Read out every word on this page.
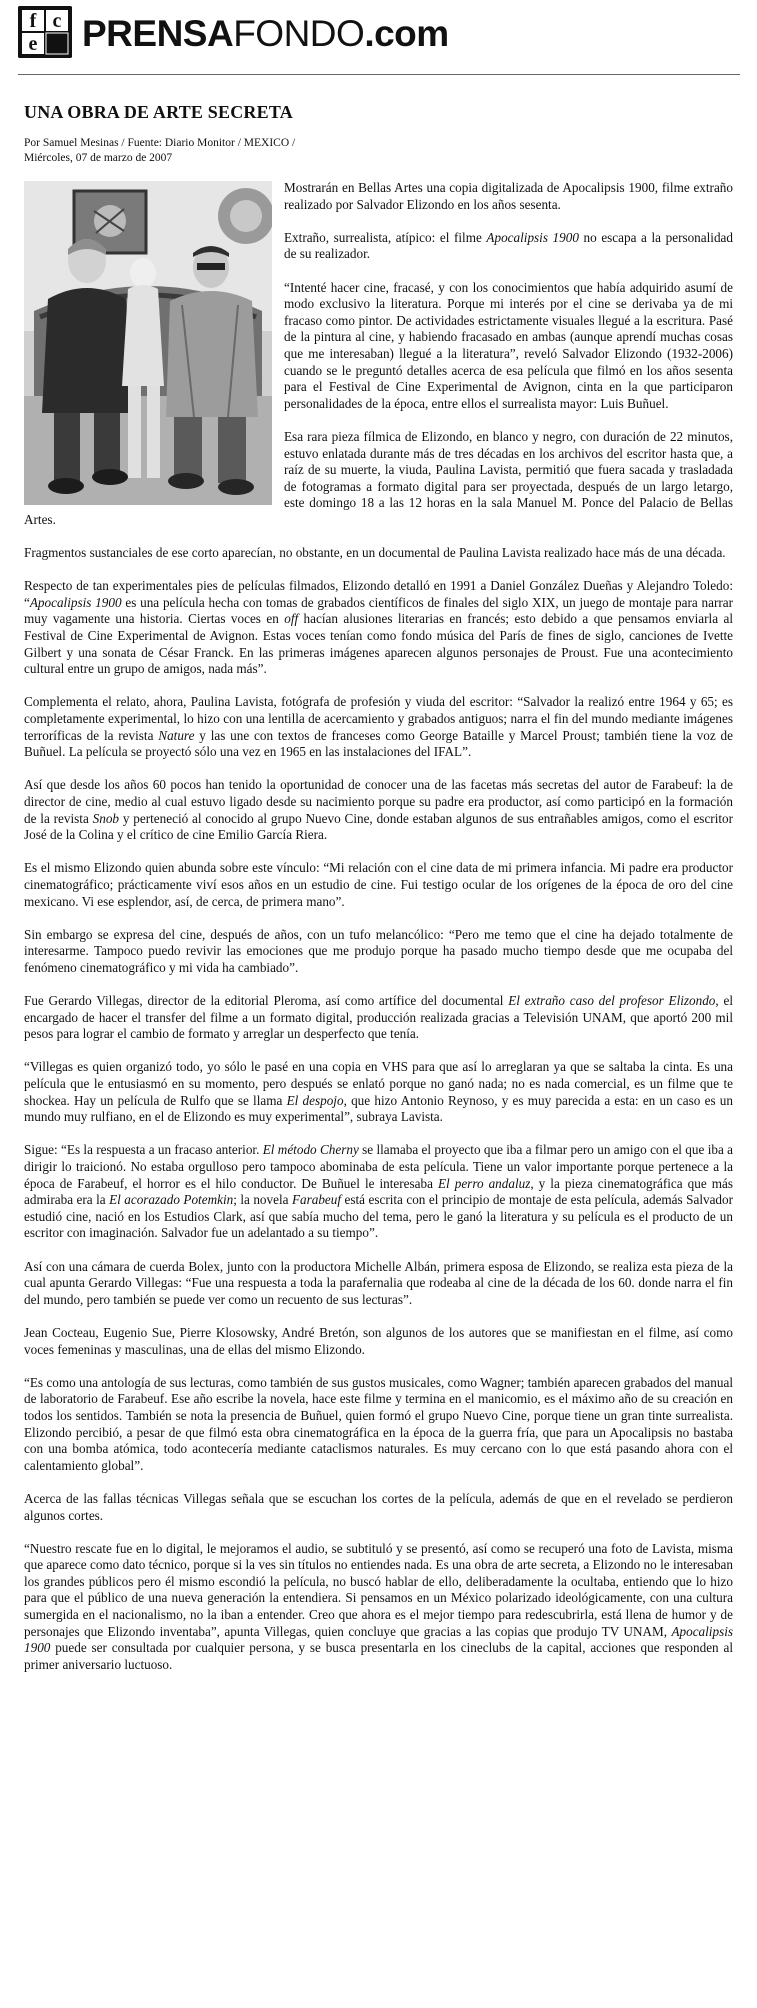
f c
e PRENSAFONDO.com
UNA OBRA DE ARTE SECRETA
Por Samuel Mesinas / Fuente: Diario Monitor / MEXICO /
Miércoles, 07 de marzo de 2007

Mostrarán en Bellas Artes una copia digitalizada de Apocalipsis 1900, filme extraño realizado por Salvador Elizondo en los años sesenta.

Extraño, surrealista, atípico: el filme Apocalipsis 1900 no escapa a la personalidad de su realizador.

“Intenté hacer cine, fracasé, y con los conocimientos que había adquirido asumí de modo exclusivo la literatura. Porque mi interés por el cine se derivaba ya de mi fracaso como pintor. De actividades estrictamente visuales llegué a la escritura. Pasé de la pintura al cine, y habiendo fracasado en ambas (aunque aprendí muchas cosas que me interesaban) llegué a la literatura”, reveló Salvador Elizondo (1932-2006) cuando se le preguntó detalles acerca de esa película que filmó en los años sesenta para el Festival de Cine Experimental de Avignon, cinta en la que participaron personalidades de la época, entre ellos el surrealista mayor: Luis Buñuel.

Esa rara pieza fílmica de Elizondo, en blanco y negro, con duración de 22 minutos, estuvo enlatada durante más de tres décadas en los archivos del escritor hasta que, a raíz de su muerte, la viuda, Paulina Lavista, permitió que fuera sacada y trasladada de fotogramas a formato digital para ser proyectada, después de un largo letargo, este domingo 18 a las 12 horas en la sala Manuel M. Ponce del Palacio de Bellas Artes.

Fragmentos sustanciales de ese corto aparecían, no obstante, en un documental de Paulina Lavista realizado hace más de una década.

Respecto de tan experimentales pies de películas filmados, Elizondo detalló en 1991 a Daniel González Dueñas y Alejandro Toledo: “Apocalipsis 1900 es una película hecha con tomas de grabados científicos de finales del siglo XIX, un juego de montaje para narrar muy vagamente una historia. Ciertas voces en off hacían alusiones literarias en francés; esto debido a que pensamos enviarla al Festival de Cine Experimental de Avignon. Estas voces tenían como fondo música del París de fines de siglo, canciones de Ivette Gilbert y una sonata de César Franck. En las primeras imágenes aparecen algunos personajes de Proust. Fue una acontecimiento cultural entre un grupo de amigos, nada más”.

Complementa el relato, ahora, Paulina Lavista, fotógrafa de profesión y viuda del escritor: “Salvador la realizó entre 1964 y 65; es completamente experimental, lo hizo con una lentilla de acercamiento y grabados antiguos; narra el fin del mundo mediante imágenes terroríficas de la revista Nature y las une con textos de franceses como George Bataille y Marcel Proust; también tiene la voz de Buñuel. La película se proyectó sólo una vez en 1965 en las instalaciones del IFAL”.

Así que desde los años 60 pocos han tenido la oportunidad de conocer una de las facetas más secretas del autor de Farabeuf: la de director de cine, medio al cual estuvo ligado desde su nacimiento porque su padre era productor, así como participó en la formación de la revista Snob y perteneció al conocido al grupo Nuevo Cine, donde estaban algunos de sus entrañables amigos, como el escritor José de la Colina y el crítico de cine Emilio García Riera.

Es el mismo Elizondo quien abunda sobre este vínculo: “Mi relación con el cine data de mi primera infancia. Mi padre era productor cinematográfico; prácticamente viví esos años en un estudio de cine. Fui testigo ocular de los orígenes de la época de oro del cine mexicano. Vi ese esplendor, así, de cerca, de primera mano”.

Sin embargo se expresa del cine, después de años, con un tufo melancólico: “Pero me temo que el cine ha dejado totalmente de interesarme. Tampoco puedo revivir las emociones que me produjo porque ha pasado mucho tiempo desde que me ocupaba del fenómeno cinematográfico y mi vida ha cambiado”.

Fue Gerardo Villegas, director de la editorial Pleroma, así como artífice del documental El extraño caso del profesor Elizondo, el encargado de hacer el transfer del filme a un formato digital, producción realizada gracias a Televisión UNAM, que aportó 200 mil pesos para lograr el cambio de formato y arreglar un desperfecto que tenía.

“Villegas es quien organizó todo, yo sólo le pasé en una copia en VHS para que así lo arreglaran ya que se saltaba la cinta. Es una película que le entusiasmó en su momento, pero después se enlató porque no ganó nada; no es nada comercial, es un filme que te shockea. Hay un película de Rulfo que se llama El despojo, que hizo Antonio Reynoso, y es muy parecida a esta: en un caso es un mundo muy rulfiano, en el de Elizondo es muy experimental”, subraya Lavista.

Sigue: “Es la respuesta a un fracaso anterior. El método Cherny se llamaba el proyecto que iba a filmar pero un amigo con el que iba a dirigir lo traicionó. No estaba orgulloso pero tampoco abominaba de esta película. Tiene un valor importante porque pertenece a la época de Farabeuf, el horror es el hilo conductor. De Buñuel le interesaba El perro andaluz, y la pieza cinematográfica que más admiraba era la El acorazado Potemkin; la novela Farabeuf está escrita con el principio de montaje de esta película, además Salvador estudió cine, nació en los Estudios Clark, así que sabía mucho del tema, pero le ganó la literatura y su película es el producto de un escritor con imaginación. Salvador fue un adelantado a su tiempo”.

Así con una cámara de cuerda Bolex, junto con la productora Michelle Albán, primera esposa de Elizondo, se realiza esta pieza de la cual apunta Gerardo Villegas: “Fue una respuesta a toda la parafernalia que rodeaba al cine de la década de los 60. donde narra el fin del mundo, pero también se puede ver como un recuento de sus lecturas”.

Jean Cocteau, Eugenio Sue, Pierre Klosowsky, André Bretón, son algunos de los autores que se manifiestan en el filme, así como voces femeninas y masculinas, una de ellas del mismo Elizondo.

“Es como una antología de sus lecturas, como también de sus gustos musicales, como Wagner; también aparecen grabados del manual de laboratorio de Farabeuf. Ese año escribe la novela, hace este filme y termina en el manicomio, es el máximo año de su creación en todos los sentidos. También se nota la presencia de Buñuel, quien formó el grupo Nuevo Cine, porque tiene un gran tinte surrealista. Elizondo percibió, a pesar de que filmó esta obra cinematográfica en la época de la guerra fría, que para un Apocalipsis no bastaba con una bomba atómica, todo acontecería mediante cataclismos naturales. Es muy cercano con lo que está pasando ahora con el calentamiento global”.

Acerca de las fallas técnicas Villegas señala que se escuchan los cortes de la película, además de que en el revelado se perdieron algunos cortes.

“Nuestro rescate fue en lo digital, le mejoramos el audio, se subtituló y se presentó, así como se recuperó una foto de Lavista, misma que aparece como dato técnico, porque si la ves sin títulos no entiendes nada. Es una obra de arte secreta, a Elizondo no le interesaban los grandes públicos pero él mismo escondió la película, no buscó hablar de ello, deliberadamente la ocultaba, entiendo que lo hizo para que el público de una nueva generación la entendiera. Si pensamos en un México polarizado ideológicamente, con una cultura sumergida en el nacionalismo, no la iban a entender. Creo que ahora es el mejor tiempo para redescubrirla, está llena de humor y de personajes que Elizondo inventaba”, apunta Villegas, quien concluye que gracias a las copias que produjo TV UNAM, Apocalipsis 1900 puede ser consultada por cualquier persona, y se busca presentarla en los cineclubs de la capital, acciones que responden al primer aniversario luctuoso.
